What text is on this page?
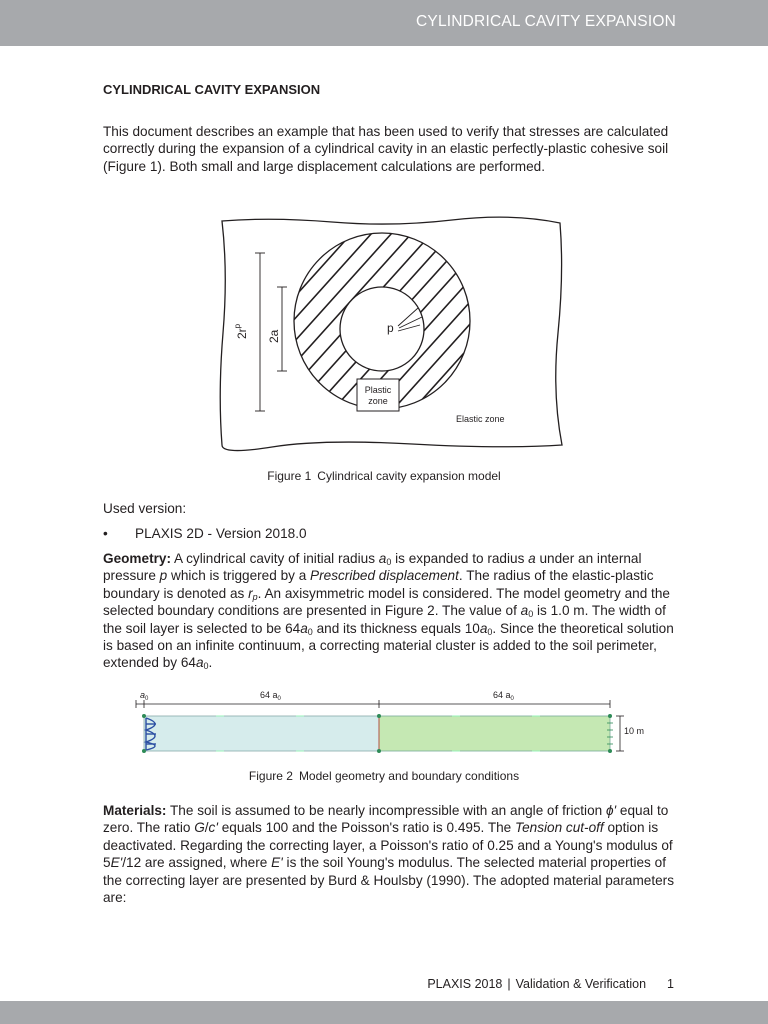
CYLINDRICAL CAVITY EXPANSION
CYLINDRICAL CAVITY EXPANSION
This document describes an example that has been used to verify that stresses are calculated correctly during the expansion of a cylindrical cavity in an elastic perfectly-plastic cohesive soil (Figure 1). Both small and large displacement calculations are performed.
p
$2r^p$
2a
Plastic
zone
Elastic zone
Figure 1 Cylindrical cavity expansion model
Used version:
• PLAXIS 2D - Version 2018.0
Geometry: A cylindrical cavity of initial radius $a_0$ is expanded to radius a under an internal pressure p which is triggered by a Prescribed displacement. The radius of the elastic-plastic boundary is denoted as $r_p$. An axisymmetric model is considered. The model geometry and the selected boundary conditions are presented in Figure 2. The value of $a_0$ is 1.0 m. The width of the soil layer is selected to be $64a_0$ and its thickness equals $10a_0$. Since the theoretical solution is based on an infinite continuum, a correcting material cluster is added to the soil perimeter, extended by $64a_0$.
$a_0$	64 $a_0$	64 $a_0$
10 m
Figure 2 Model geometry and boundary conditions
Materials: The soil is assumed to be nearly incompressible with an angle of friction ϕ' equal to zero. The ratio G/c' equals 100 and the Poisson's ratio is 0.495. The Tension cut-off option is deactivated. Regarding the correcting layer, a Poisson's ratio of 0.25 and a Young's modulus of 5E'/12 are assigned, where E' is the soil Young's modulus. The selected material properties of the correcting layer are presented by Burd & Houlsby (1990). The adopted material parameters are:
PLAXIS 2018 | Validation & Verification 1
